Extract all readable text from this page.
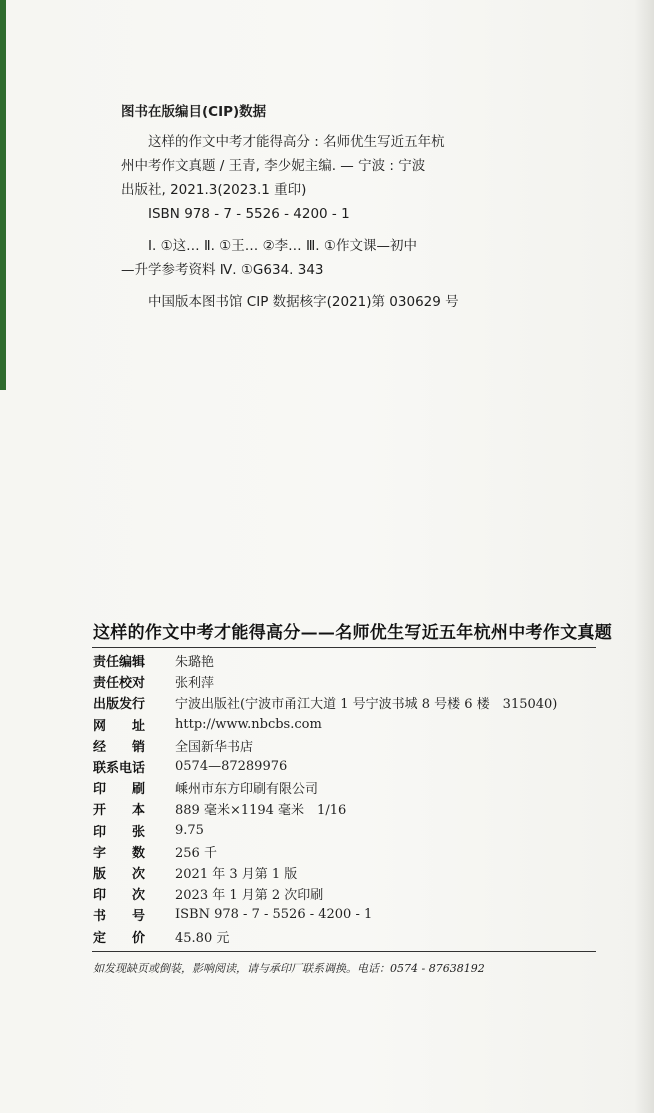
图书在版编目(CIP)数据

这样的作文中考才能得高分 : 名师优生写近五年杭

州中考作文真题 / 王青, 李少妮主编. — 宁波 : 宁波

出版社, 2021.3(2023.1 重印)

ISBN 978 - 7 - 5526 - 4200 - 1

Ⅰ. ①这… Ⅱ. ①王… ②李… Ⅲ. ①作文课—初中

—升学参考资料 Ⅳ. ①G634. 343

中国版本图书馆 CIP 数据核字(2021)第 030629 号

这样的作文中考才能得高分——名师优生写近五年杭州中考作文真题
责任编辑	朱璐艳
责任校对	张利萍
出版发行	宁波出版社(宁波市甬江大道 1 号宁波书城 8 号楼 6 楼　315040)
网　　址	http://www.nbcbs.com
经　　销	全国新华书店
联系电话	0574—87289976
印　　刷	嵊州市东方印刷有限公司
开　　本	889 毫米×1194 毫米　1/16
印　　张	9.75
字　　数	256 千
版　　次	2021 年 3 月第 1 版
印　　次	2023 年 1 月第 2 次印刷
书　　号	ISBN 978 - 7 - 5526 - 4200 - 1
定　　价	45.80 元
如发现缺页或倒装，影响阅读，请与承印厂联系调换。电话：0574 - 87638192
